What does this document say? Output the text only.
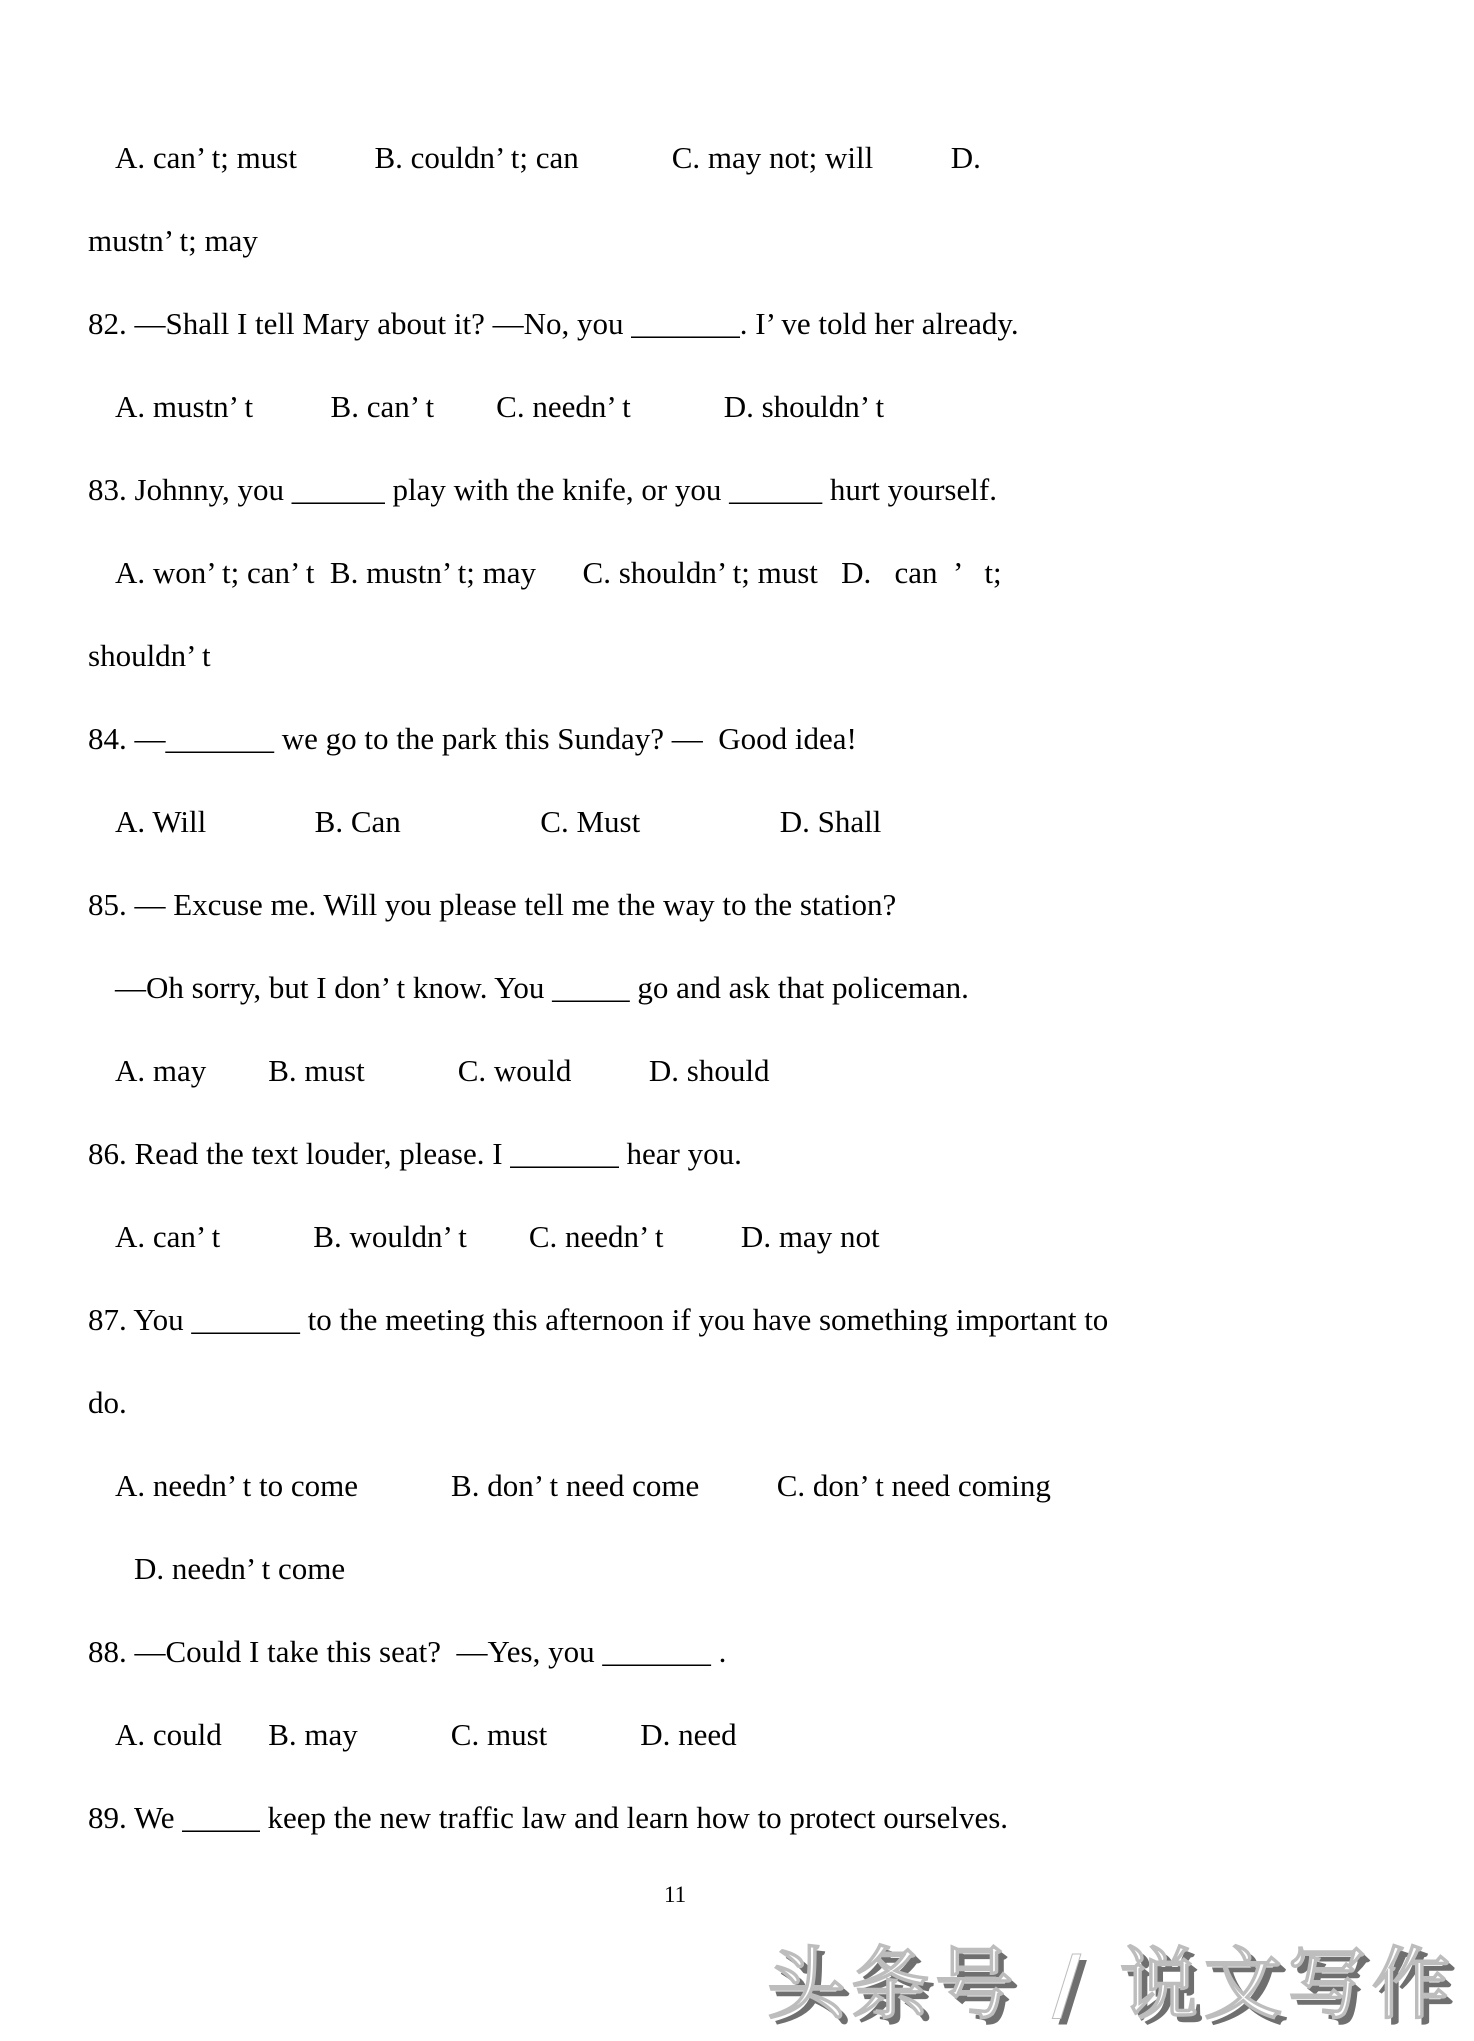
A. can’ t; must          B. couldn’ t; can            C. may not; will          D.
mustn’ t; may
82. —Shall I tell Mary about it? —No, you _______. I’ ve told her already.
A. mustn’ t          B. can’ t        C. needn’ t            D. shouldn’ t
83. Johnny, you ______ play with the knife, or you ______ hurt yourself.
A. won’ t; can’ t  B. mustn’ t; may      C. shouldn’ t; must   D.   can  ’   t;
shouldn’ t
84. —_______ we go to the park this Sunday? —  Good idea!
A. Will              B. Can                  C. Must                  D. Shall
85. — Excuse me. Will you please tell me the way to the station?
—Oh sorry, but I don’ t know. You _____ go and ask that policeman.
A. may        B. must            C. would          D. should
86. Read the text louder, please. I _______ hear you.
A. can’ t            B. wouldn’ t        C. needn’ t          D. may not
87. You _______ to the meeting this afternoon if you have something important to
do.
A. needn’ t to come            B. don’ t need come          C. don’ t need coming
D. needn’ t come
88. —Could I take this seat?  —Yes, you _______ .
A. could      B. may            C. must            D. need
89. We _____ keep the new traffic law and learn how to protect ourselves.
11
头条号 / 说文写作
